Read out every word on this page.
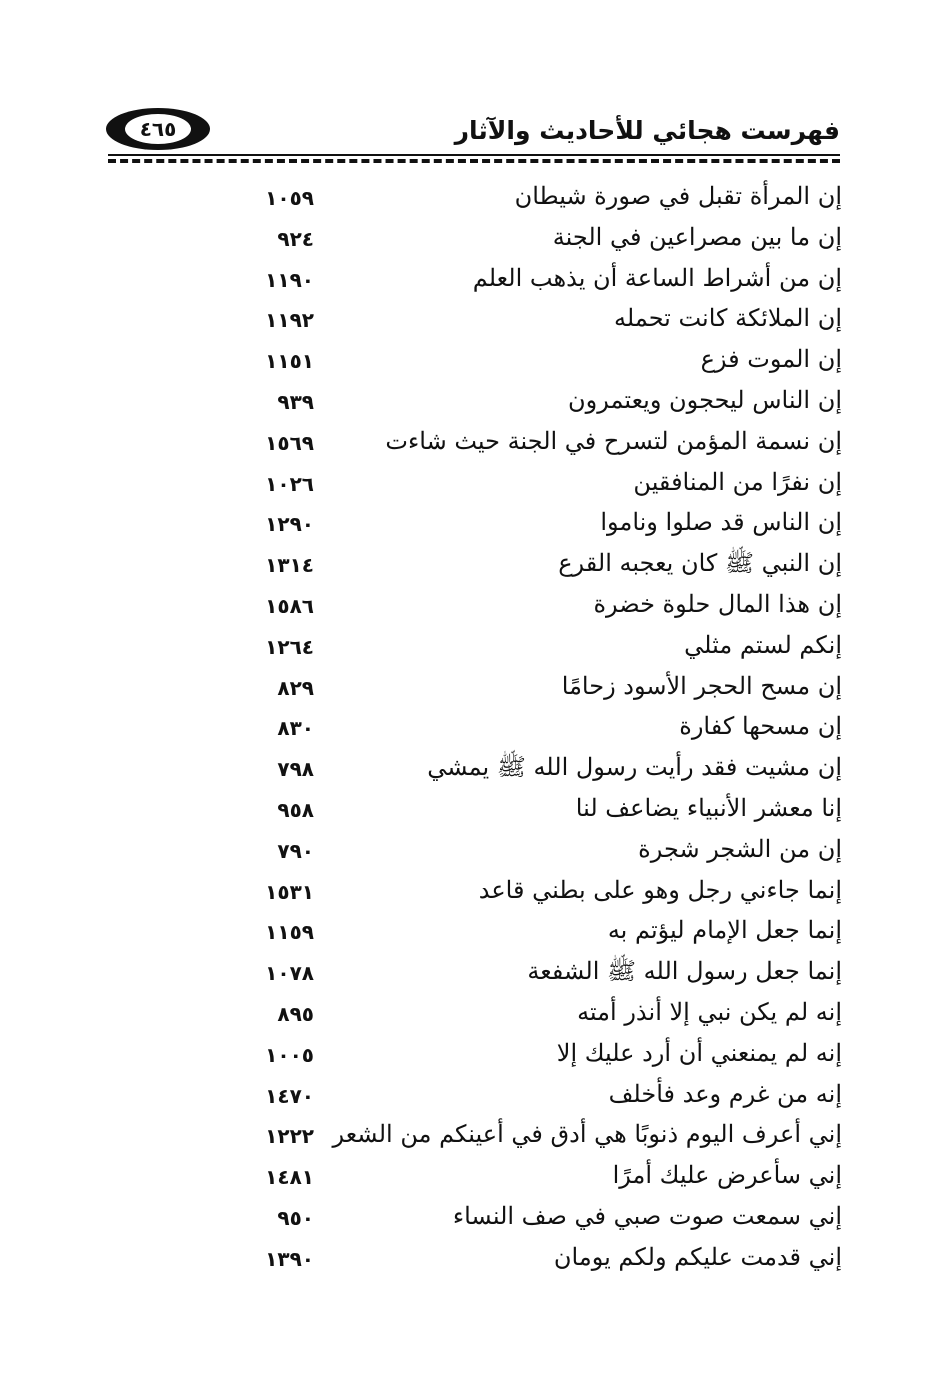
٤٦٥	فهرست هجائي للأحاديث والآثار
إن المرأة تقبل في صورة شيطان
١٠٥٩
إن ما بين مصراعين في الجنة
٩٢٤
إن من أشراط الساعة أن يذهب العلم
١١٩٠
إن الملائكة كانت تحمله
١١٩٢
إن الموت فزع
١١٥١
إن الناس ليحجون ويعتمرون
٩٣٩
إن نسمة المؤمن لتسرح في الجنة حيث شاءت
١٥٦٩
إن نفرًا من المنافقين
١٠٢٦
إن الناس قد صلوا وناموا
١٢٩٠
إن النبي ﷺ كان يعجبه القرع
١٣١٤
إن هذا المال حلوة خضرة
١٥٨٦
إنكم لستم مثلي
١٢٦٤
إن مسح الحجر الأسود زحامًا
٨٢٩
إن مسحها كفارة
٨٣٠
إن مشيت فقد رأيت رسول الله ﷺ يمشي
٧٩٨
إنا معشر الأنبياء يضاعف لنا
٩٥٨
إن من الشجر شجرة
٧٩٠
إنما جاءني رجل وهو على بطني قاعد
١٥٣١
إنما جعل الإمام ليؤتم به
١١٥٩
إنما جعل رسول الله ﷺ الشفعة
١٠٧٨
إنه لم يكن نبي إلا أنذر أمته
٨٩٥
إنه لم يمنعني أن أرد عليك إلا
١٠٠٥
إنه من غرم وعد فأخلف
١٤٧٠
إني أعرف اليوم ذنوبًا هي أدق في أعينكم من الشعر
١٢٢٢
إني سأعرض عليك أمرًا
١٤٨١
إني سمعت صوت صبي في صف النساء
٩٥٠
إني قدمت عليكم ولكم يومان
١٣٩٠
